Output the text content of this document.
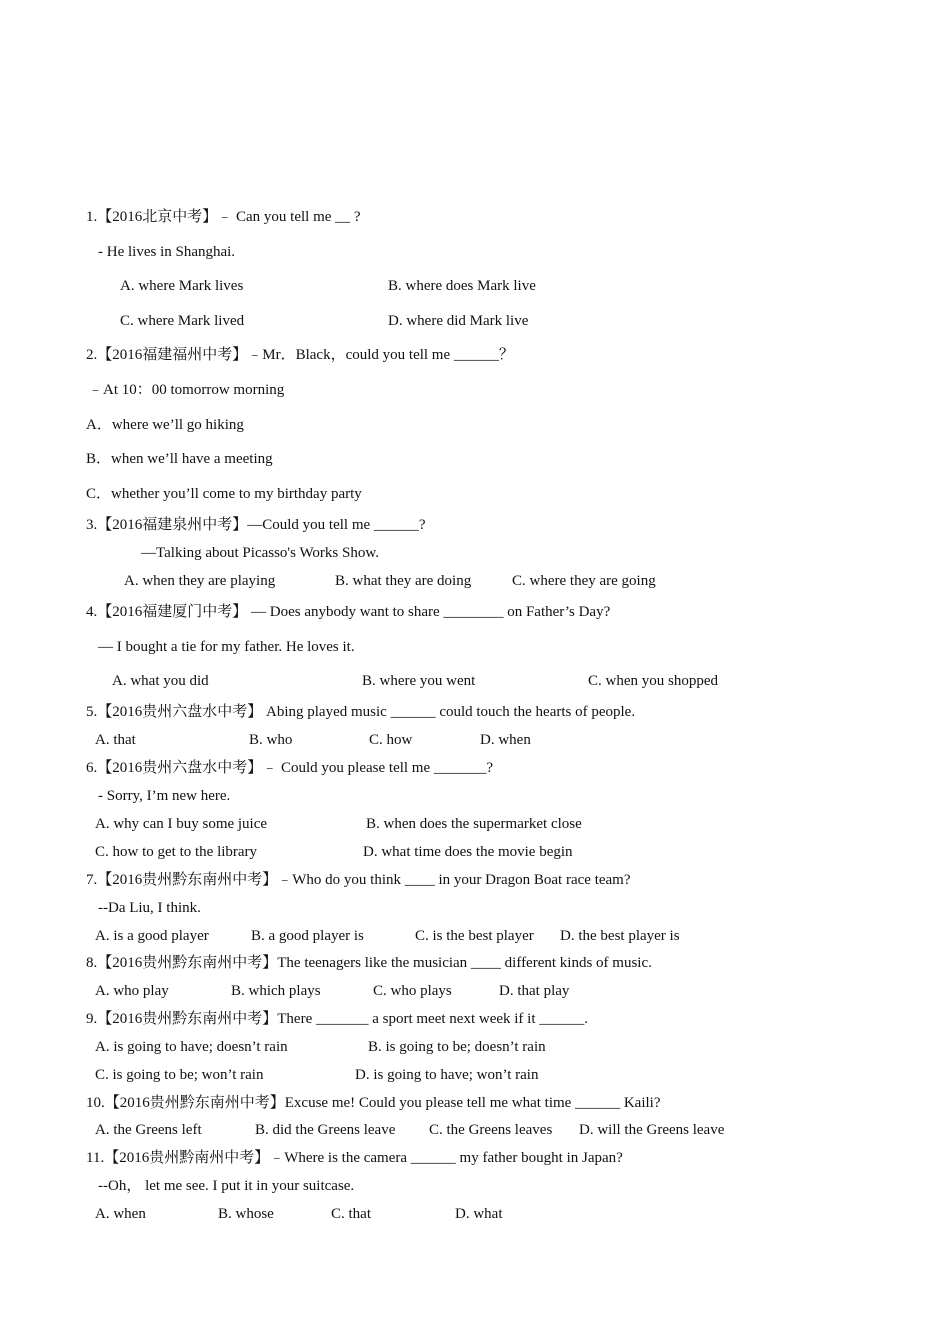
1.【2016北京中考】﹣ Can you tell me __ ?
- He lives in Shanghai.
A. where Mark lives	B. where does Mark live
C. where Mark lived	D. where did Mark live
2.【2016福建福州中考】﹣Mr．Black，could you tell me ______？
﹣At 10：00 tomorrow morning
A．where we’ll go hiking
B．when we’ll have a meeting
C．whether you’ll come to my birthday party
3.【2016福建泉州中考】—Could you tell me ______?
—Talking about Picasso's Works Show.
A. when they are playing	B. what they are doing	C. where they are going
4.【2016福建厦门中考】 — Does anybody want to share ________ on Father’s Day?
— I bought a tie for my father. He loves it.
A. what you did	B. where you went	C. when you shopped
5.【2016贵州六盘水中考】 Abing played music ______ could touch the hearts of people.
A. that	B. who	C. how	D. when
6.【2016贵州六盘水中考】﹣ Could you please tell me _______?
- Sorry, I’m new here.
A. why can I buy some juice	B. when does the supermarket close
C. how to get to the library	D. what time does the movie begin
7.【2016贵州黔东南州中考】﹣Who do you think ____ in your Dragon Boat race team?
--Da Liu, I think.
A. is a good player	B. a good player is	C. is the best player D. the best player is
8.【2016贵州黔东南州中考】The teenagers like the musician ____ different kinds of music.
A. who play	B. which plays	C. who plays	D. that play
9.【2016贵州黔东南州中考】There _______ a sport meet next week if it ______.
A. is going to have; doesn’t rain	B. is going to be; doesn’t rain
C. is going to be; won’t rain	D. is going to have; won’t rain
10.【2016贵州黔东南州中考】Excuse me! Could you please tell me what time ______ Kaili?
A. the Greens left	B. did the Greens leave C. the Greens leaves D. will the Greens leave
11.【2016贵州黔南州中考】﹣Where is the camera ______ my father bought in Japan?
--Oh， let me see. I put it in your suitcase.
A. when	B. whose	C. that	D. what
